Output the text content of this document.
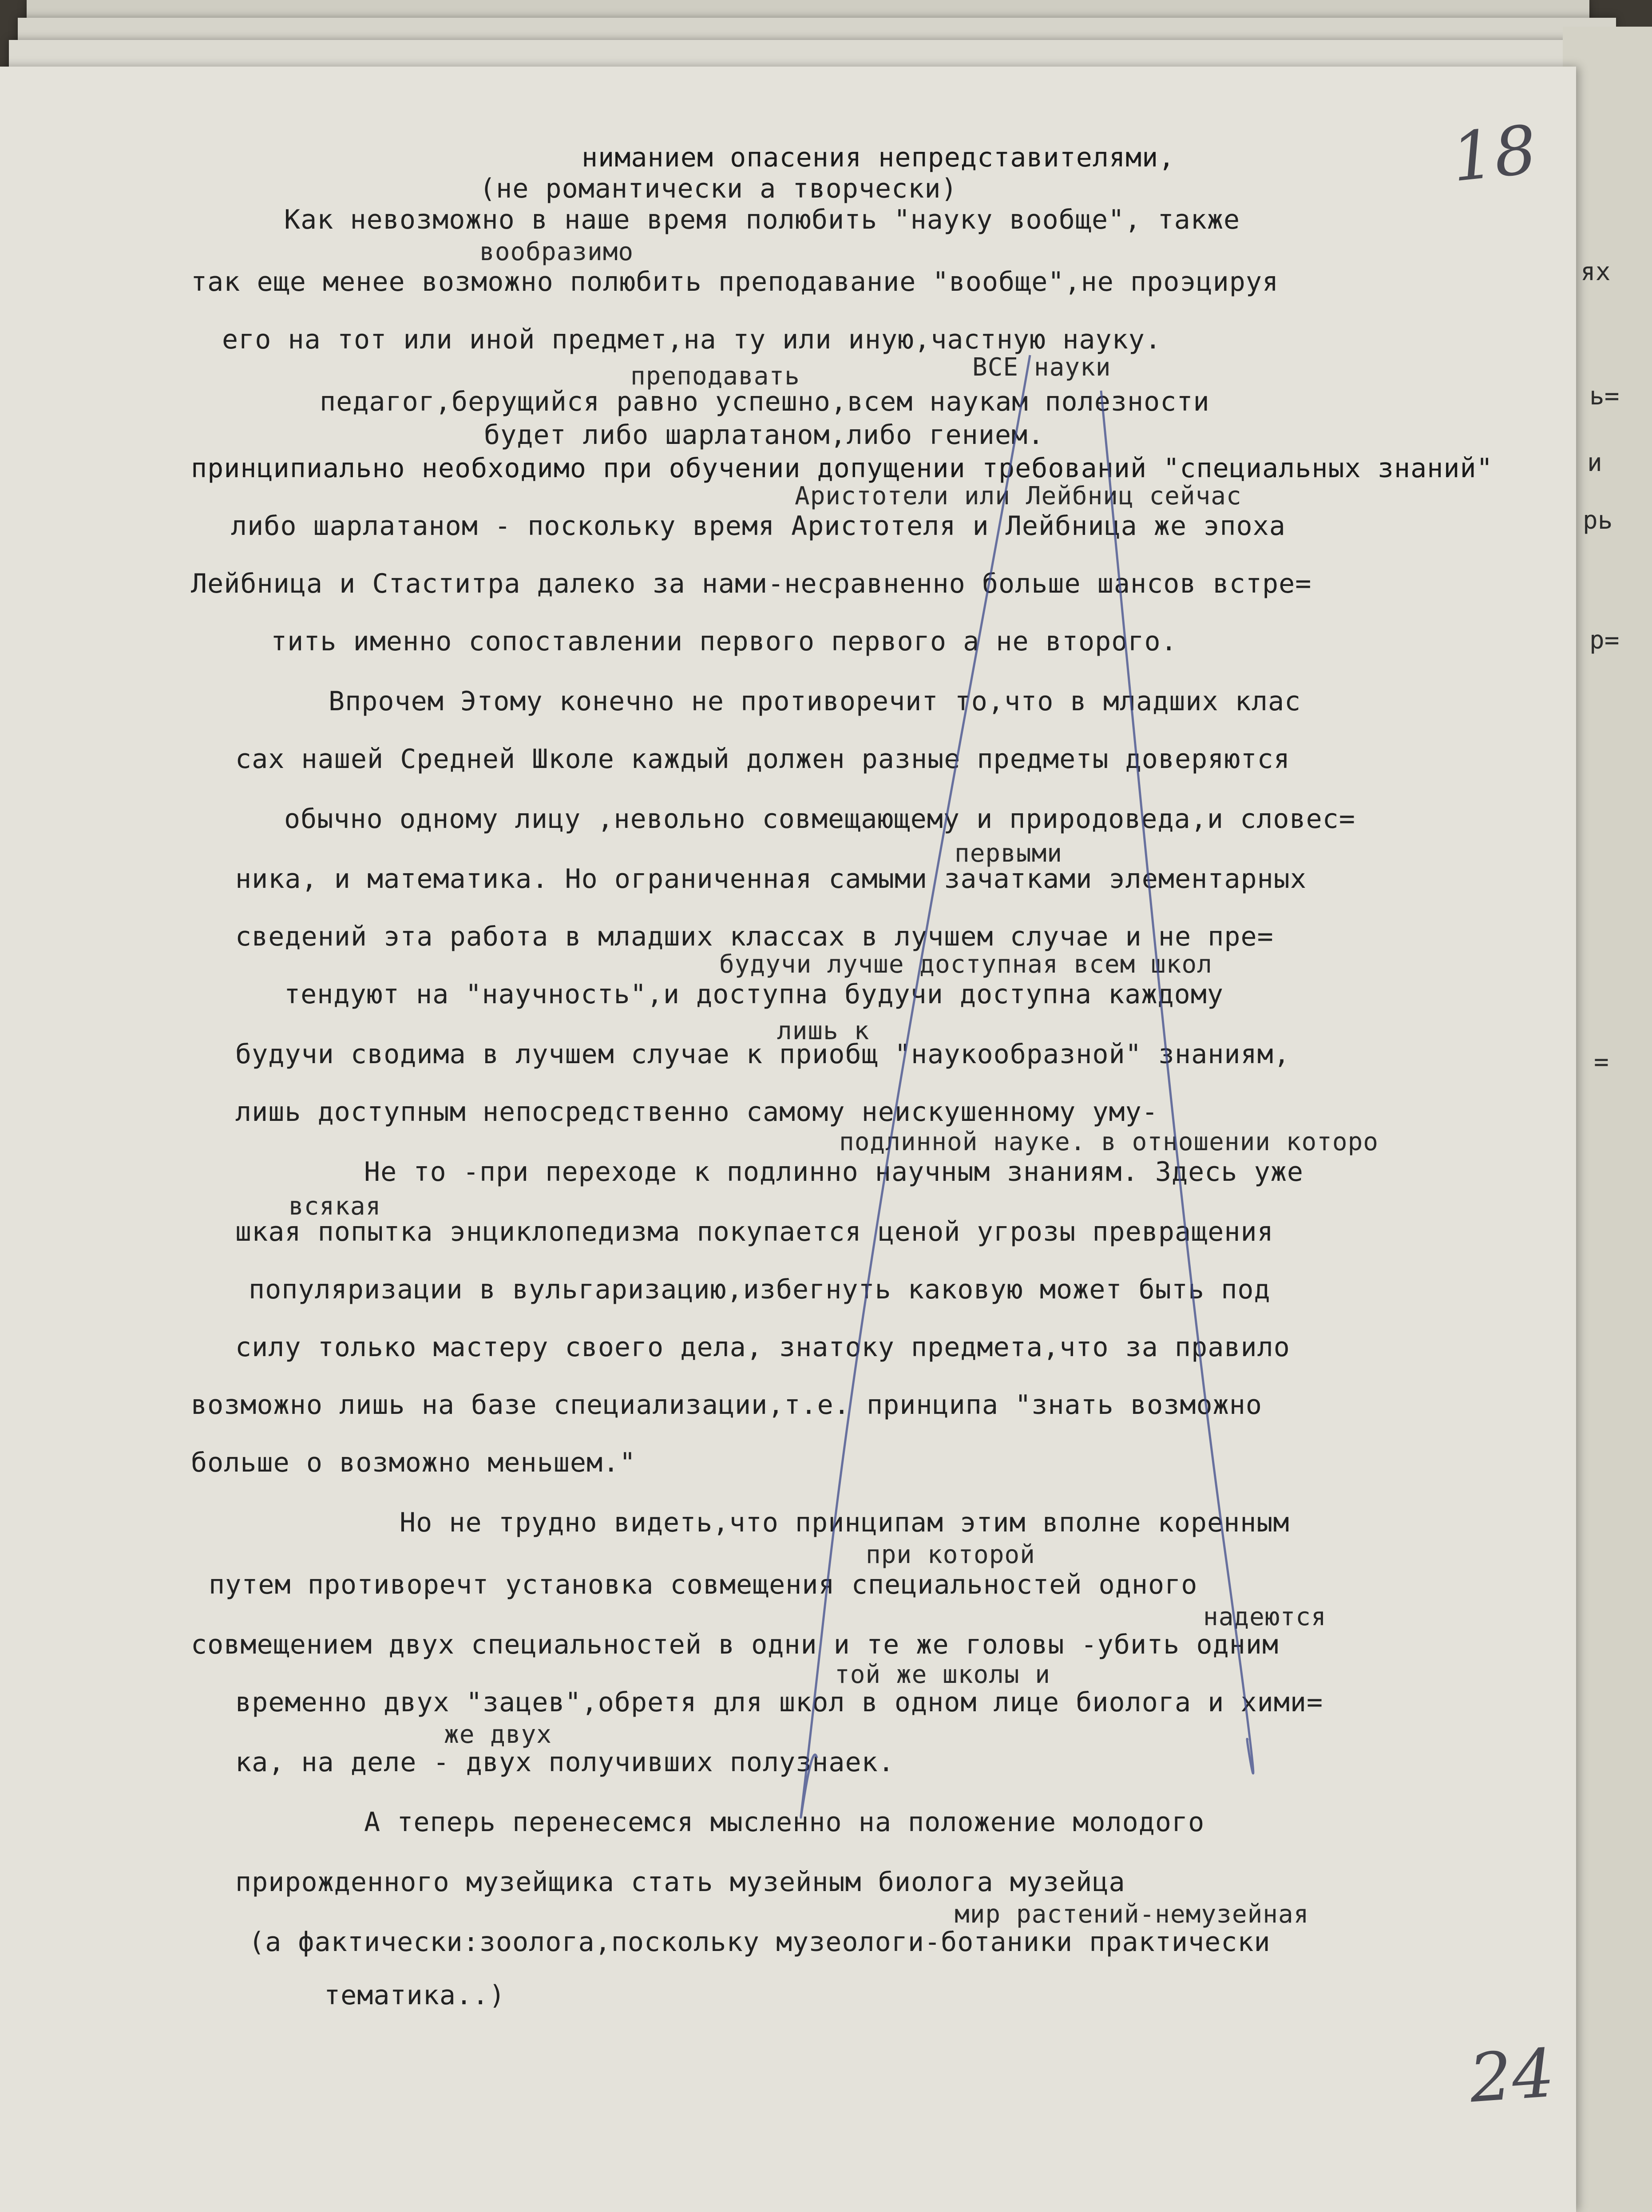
ях
ь=
и
рь
р=
=
18
24
ниманием опасения непредставителями,
(не романтически а творчески)
Как невозможно в наше время полюбить "науку вообще", также
вообразимо
так еще менее возможно полюбить преподавание "вообще",не проэцируя
его на тот или иной предмет,на ту или иную,частную науку.
преподавать	ВСЕ науки
педагог,берущийся равно успешно,всем наукам полезности
будет либо шарлатаном,либо гением.
принципиально необходимо при обучении допущении требований "специальных знаний"
Аристотели или Лейбниц сейчас
либо шарлатаном - поскольку время Аристотеля и Лейбница же эпоха
Лейбница и Стаститра далеко за нами-несравненно больше шансов встре=
тить именно сопоставлении первого первого а не второго.
Впрочем Этому конечно не противоречит то,что в младших клас
сах нашей Средней Школе каждый должен разные предметы доверяются
обычно одному лицу ,невольно совмещающему и природоведа,и словес=
первыми
ника, и математика. Но ограниченная самыми зачатками элементарных
сведений эта работа в младших классах в лучшем случае и не пре=
будучи лучше доступная всем школ
тендуют на "научность",и доступна будучи доступна каждому
лишь к
будучи сводима в лучшем случае к приобщ "наукообразной" знаниям,
лишь доступным непосредственно самому неискушенному уму-
подлинной науке. в отношении которо
Не то -при переходе к подлинно научным знаниям. Здесь уже
всякая
шкая попытка энциклопедизма покупается ценой угрозы превращения
популяризации в вульгаризацию,избегнуть каковую может быть под
силу только мастеру своего дела, знатоку предмета,что за правило
возможно лишь на базе специализации,т.е. принципа "знать возможно
больше о возможно меньшем."
Но не трудно видеть,что принципам этим вполне коренным
при которой
путем противоречт установка совмещения специальностей одного
надеются
совмещением двух специальностей в одни и те же головы -убить одним
той же школы и
временно двух "зацев",обретя для школ в одном лице биолога и хими=
же двух
ка, на деле - двух получивших полузнаек.
А теперь перенесемся мысленно на положение молодого
прирожденного музейщика стать музейным биолога музейца
мир растений-немузейная
(а фактически:зоолога,поскольку музеологи-ботаники практически
тематика..)
